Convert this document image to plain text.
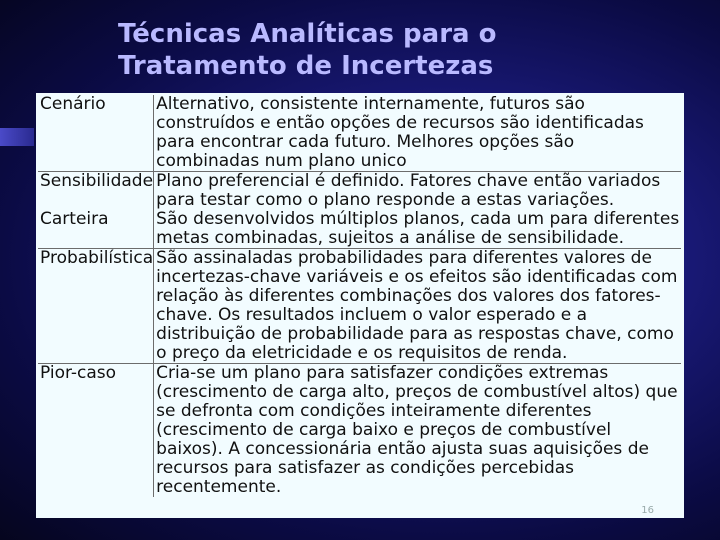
Técnicas Analíticas para o
Tratamento de Incertezas
Cenário	Alternativo, consistente internamente, futuros são construídos e então opções de recursos são identificadas para encontrar cada futuro. Melhores opções são combinadas num plano unico
Sensibilidade	Plano preferencial é definido. Fatores chave então variados para testar como o plano responde a estas variações.
Carteira	São desenvolvidos múltiplos planos, cada um para diferentes metas combinadas, sujeitos a análise de sensibilidade.
Probabilística	São assinaladas probabilidades para diferentes valores de incertezas-chave variáveis e os efeitos são identificadas com relação às diferentes combinações dos valores dos fatores-chave. Os resultados incluem o valor esperado e a distribuição de probabilidade para as respostas chave, como o preço da eletricidade e os requisitos de renda.
Pior-caso	Cria-se um plano para satisfazer condições extremas (crescimento de carga alto, preços de combustível altos) que se defronta com condições inteiramente diferentes (crescimento de carga baixo e preços de combustível baixos). A concessionária então ajusta suas aquisições de recursos para satisfazer as condições percebidas recentemente.
16
